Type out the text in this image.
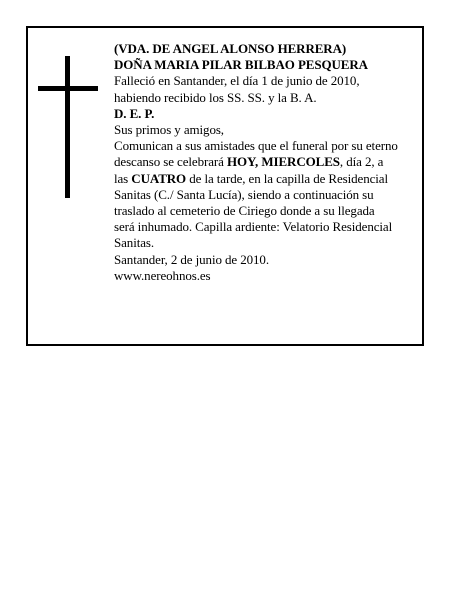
(VDA. DE ANGEL ALONSO HERRERA)

DOÑA MARIA PILAR BILBAO PESQUERA

Falleció en Santander, el día 1 de junio de 2010,

habiendo recibido los SS. SS. y la B. A.

D. E. P.

Sus primos y amigos,

Comunican a sus amistades que el funeral por su eterno

descanso se celebrará HOY, MIERCOLES, día 2, a

las CUATRO de la tarde, en la capilla de Residencial

Sanitas (C./ Santa Lucía), siendo a continuación su

traslado al cemeterio de Ciriego donde a su llegada

será inhumado. Capilla ardiente: Velatorio Residencial

Sanitas.

Santander, 2 de junio de 2010.

www.nereohnos.es
